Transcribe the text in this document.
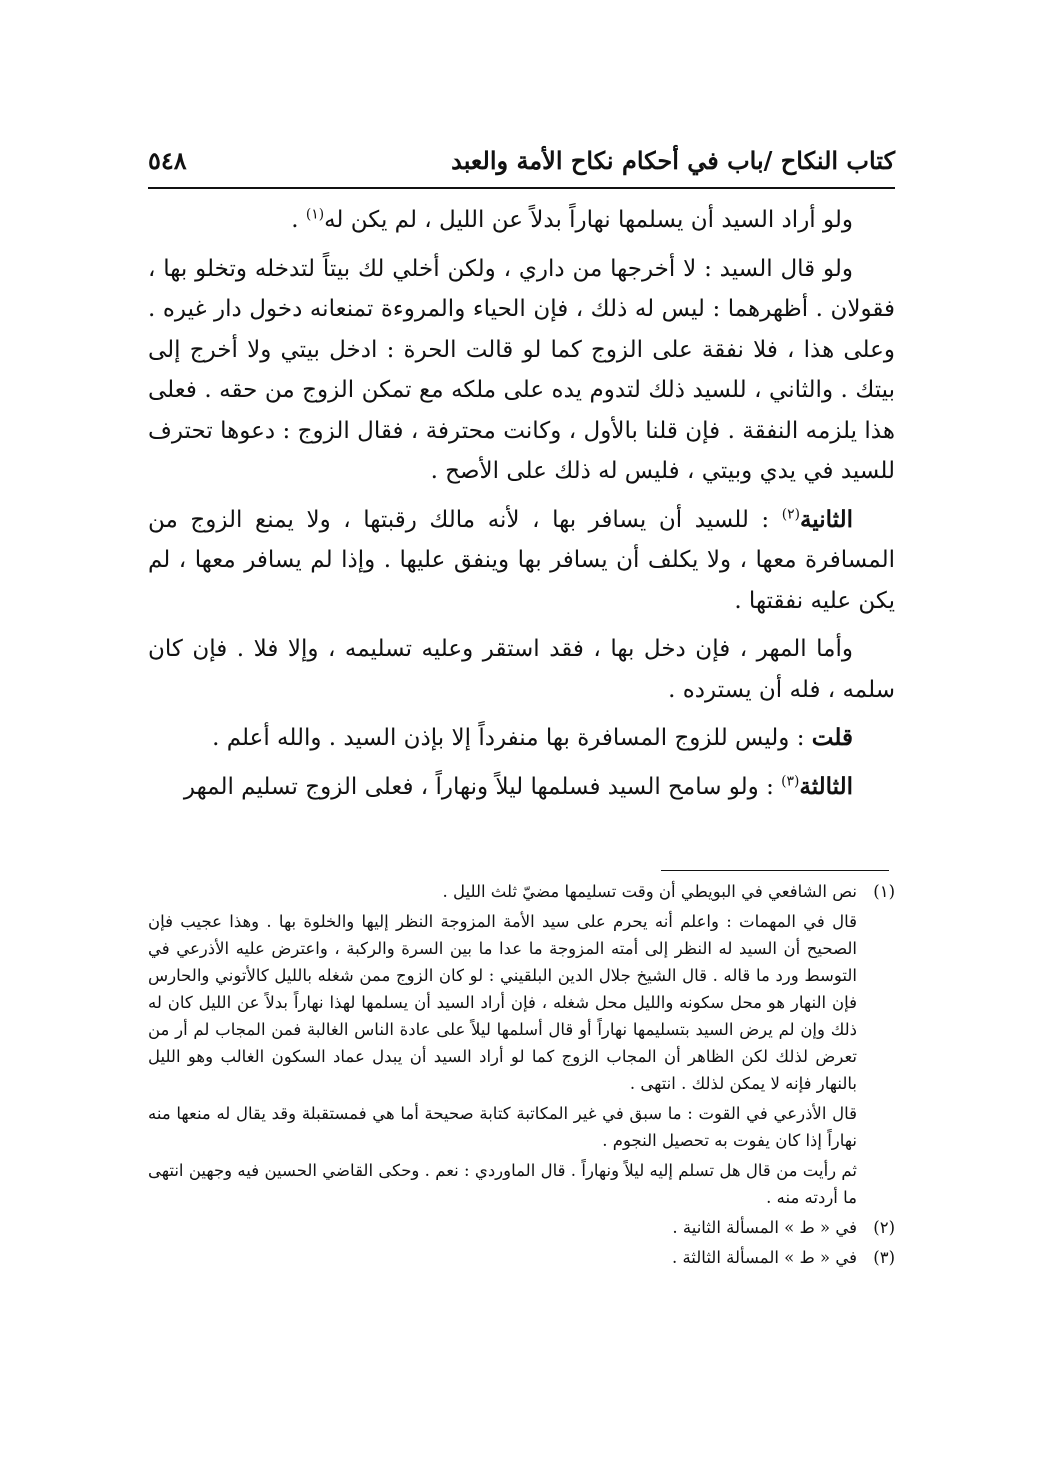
كتاب النكاح /باب في أحكام نكاح الأمة والعبد
٥٤٨

ولو أراد السيد أن يسلمها نهاراً بدلاً عن الليل ، لم يكن له$^{(١)}$ .

ولو قال السيد : لا أخرجها من داري ، ولكن أخلي لك بيتاً لتدخله وتخلو بها ، فقولان . أظهرهما : ليس له ذلك ، فإن الحياء والمروءة تمنعانه دخول دار غيره . وعلى هذا ، فلا نفقة على الزوج كما لو قالت الحرة : ادخل بيتي ولا أخرج إلى بيتك . والثاني ، للسيد ذلك لتدوم يده على ملكه مع تمكن الزوج من حقه . فعلى هذا يلزمه النفقة . فإن قلنا بالأول ، وكانت محترفة ، فقال الزوج : دعوها تحترف للسيد في يدي وبيتي ، فليس له ذلك على الأصح .

الثانية$^{(٢)}$ : للسيد أن يسافر بها ، لأنه مالك رقبتها ، ولا يمنع الزوج من المسافرة معها ، ولا يكلف أن يسافر بها وينفق عليها . وإذا لم يسافر معها ، لم يكن عليه نفقتها .

وأما المهر ، فإن دخل بها ، فقد استقر وعليه تسليمه ، وإلا فلا . فإن كان سلمه ، فله أن يسترده .

قلت : وليس للزوج المسافرة بها منفرداً إلا بإذن السيد . والله أعلم .

الثالثة$^{(٣)}$ : ولو سامح السيد فسلمها ليلاً ونهاراً ، فعلى الزوج تسليم المهر

(١)
نص الشافعي في البويطي أن وقت تسليمها مضيّ ثلث الليل .
قال في المهمات : واعلم أنه يحرم على سيد الأمة المزوجة النظر إليها والخلوة بها . وهذا عجيب فإن الصحيح أن السيد له النظر إلى أمته المزوجة ما عدا ما بين السرة والركبة ، واعترض عليه الأذرعي في التوسط ورد ما قاله . قال الشيخ جلال الدين البلقيني : لو كان الزوج ممن شغله بالليل كالأتوني والحارس فإن النهار هو محل سكونه والليل محل شغله ، فإن أراد السيد أن يسلمها لهذا نهاراً بدلاً عن الليل كان له ذلك وإن لم يرض السيد بتسليمها نهاراً أو قال أسلمها ليلاً على عادة الناس الغالبة فمن المجاب لم أر من تعرض لذلك لكن الظاهر أن المجاب الزوج كما لو أراد السيد أن يبدل عماد السكون الغالب وهو الليل بالنهار فإنه لا يمكن لذلك . انتهى .
قال الأذرعي في القوت : ما سبق في غير المكاتبة كتابة صحيحة أما هي فمستقبلة وقد يقال له منعها منه نهاراً إذا كان يفوت به تحصيل النجوم .
ثم رأيت من قال هل تسلم إليه ليلاً ونهاراً . قال الماوردي : نعم . وحكى القاضي الحسين فيه وجهين انتهى ما أردته منه .
(٢)
في « ط » المسألة الثانية .
(٣)
في « ط » المسألة الثالثة .
